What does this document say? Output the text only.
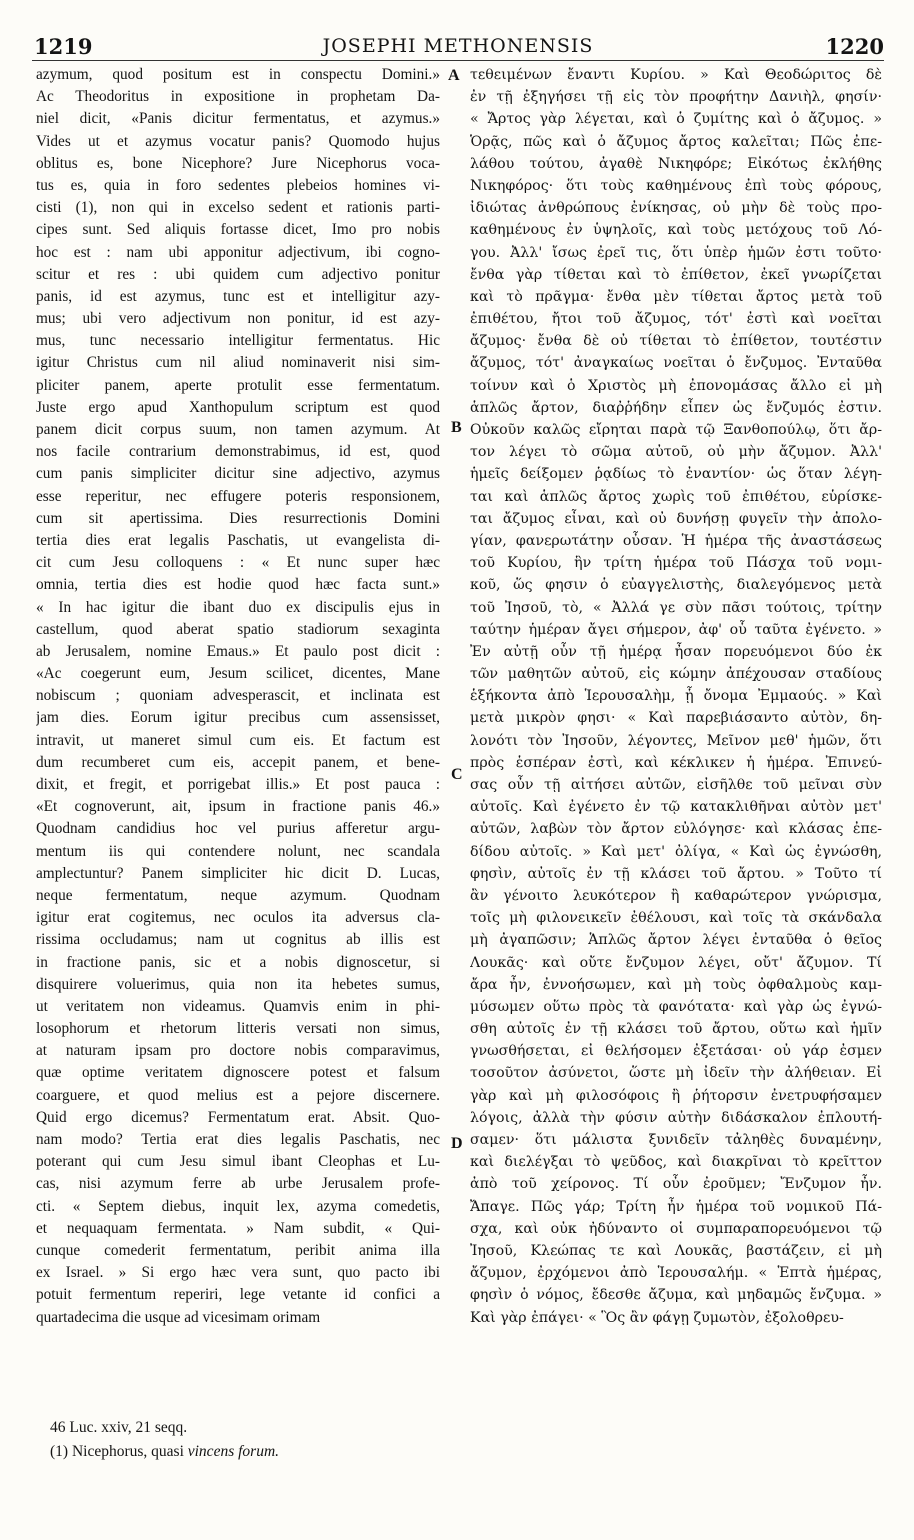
1219	JOSEPHI METHONENSIS	1220
azymum, quod positum est in conspectu Domini.»
Ac Theodoritus in expositione in prophetam Da-
niel dicit, «Panis dicitur fermentatus, et azymus.»
Vides ut et azymus vocatur panis? Quomodo hujus
oblitus es, bone Nicephore? Jure Nicephorus voca-
tus es, quia in foro sedentes plebeios homines vi-
cisti (1), non qui in excelso sedent et rationis parti-
cipes sunt. Sed aliquis fortasse dicet, Imo pro nobis
hoc est : nam ubi apponitur adjectivum, ibi cogno-
scitur et res : ubi quidem cum adjectivo ponitur
panis, id est azymus, tunc est et intelligitur azy-
mus; ubi vero adjectivum non ponitur, id est azy-
mus, tunc necessario intelligitur fermentatus. Hic
igitur Christus cum nil aliud nominaverit nisi sim-
pliciter panem, aperte protulit esse fermentatum.
Juste ergo apud Xanthopulum scriptum est quod
panem dicit corpus suum, non tamen azymum. At
nos facile contrarium demonstrabimus, id est, quod
cum panis simpliciter dicitur sine adjectivo, azymus
esse reperitur, nec effugere poteris responsionem,
cum sit apertissima. Dies resurrectionis Domini
tertia dies erat legalis Paschatis, ut evangelista di-
cit cum Jesu colloquens : « Et nunc super hæc
omnia, tertia dies est hodie quod hæc facta sunt.»
« In hac igitur die ibant duo ex discipulis ejus in
castellum, quod aberat spatio stadiorum sexaginta
ab Jerusalem, nomine Emaus.» Et paulo post dicit :
«Ac coegerunt eum, Jesum scilicet, dicentes, Mane
nobiscum ; quoniam advesperascit, et inclinata est
jam dies. Eorum igitur precibus cum assensisset,
intravit, ut maneret simul cum eis. Et factum est
dum recumberet cum eis, accepit panem, et bene-
dixit, et fregit, et porrigebat illis.» Et post pauca :
«Et cognoverunt, ait, ipsum in fractione panis 46.»
Quodnam candidius hoc vel purius afferetur argu-
mentum iis qui contendere nolunt, nec scandala
amplectuntur? Panem simpliciter hic dicit D. Lucas,
neque fermentatum, neque azymum. Quodnam
igitur erat cogitemus, nec oculos ita adversus cla-
rissima occludamus; nam ut cognitus ab illis est
in fractione panis, sic et a nobis dignoscetur, si
disquirere voluerimus, quia non ita hebetes sumus,
ut veritatem non videamus. Quamvis enim in phi-
losophorum et rhetorum litteris versati non simus,
at naturam ipsam pro doctore nobis comparavimus,
quæ optime veritatem dignoscere potest et falsum
coarguere, et quod melius est a pejore discernere.
Quid ergo dicemus? Fermentatum erat. Absit. Quo-
nam modo? Tertia erat dies legalis Paschatis, nec
poterant qui cum Jesu simul ibant Cleophas et Lu-
cas, nisi azymum ferre ab urbe Jerusalem profe-
cti. « Septem diebus, inquit lex, azyma comedetis,
et nequaquam fermentata. » Nam subdit, « Qui-
cunque comederit fermentatum, peribit anima illa
ex Israel. » Si ergo hæc vera sunt, quo pacto ibi
potuit fermentum reperiri, lege vetante id confici a
quartadecima die usque ad vicesimam orimam
τεθειμένων ἔναντι Κυρίου. » Καὶ Θεοδώριτος δὲ
ἐν τῇ ἐξηγήσει τῇ εἰς τὸν προφήτην Δανιὴλ, φησίν·
« Ἄρτος γὰρ λέγεται, καὶ ὁ ζυμίτης καὶ ὁ ἄζυμος. »
Ὁρᾷς, πῶς καὶ ὁ ἄζυμος ἄρτος καλεῖται; Πῶς ἐπε-
λάθου τούτου, ἀγαθὲ Νικηφόρε; Εἰκότως ἐκλήθης
Νικηφόρος· ὅτι τοὺς καθημένους ἐπὶ τοὺς φόρους,
ἰδιώτας ἀνθρώπους ἐνίκησας, οὐ μὴν δὲ τοὺς προ-
καθημένους ἐν ὑψηλοῖς, καὶ τοὺς μετόχους τοῦ Λό-
γου. Ἀλλ' ἴσως ἐρεῖ τις, ὅτι ὑπὲρ ἡμῶν ἐστι τοῦτο·
ἔνθα γὰρ τίθεται καὶ τὸ ἐπίθετον, ἐκεῖ γνωρίζεται
καὶ τὸ πρᾶγμα· ἔνθα μὲν τίθεται ἄρτος μετὰ τοῦ
ἐπιθέτου, ἤτοι τοῦ ἄζυμος, τότ' ἐστὶ καὶ νοεῖται
ἄζυμος· ἔνθα δὲ οὐ τίθεται τὸ ἐπίθετον, τουτέστιν
ἄζυμος, τότ' ἀναγκαίως νοεῖται ὁ ἔνζυμος. Ἐνταῦθα
τοίνυν καὶ ὁ Χριστὸς μὴ ἐπονομάσας ἄλλο εἰ μὴ
ἁπλῶς ἄρτον, διαῤῥήδην εἶπεν ὡς ἔνζυμός ἐστιν.
Οὐκοῦν καλῶς εἴρηται παρὰ τῷ Ξανθοπούλῳ, ὅτι ἄρ-
τον λέγει τὸ σῶμα αὐτοῦ, οὐ μὴν ἄζυμον. Ἀλλ'
ἡμεῖς δείξομεν ῥᾳδίως τὸ ἐναντίον· ὡς ὅταν λέγη-
ται καὶ ἁπλῶς ἄρτος χωρὶς τοῦ ἐπιθέτου, εὑρίσκε-
ται ἄζυμος εἶναι, καὶ οὐ δυνήσῃ φυγεῖν τὴν ἀπολο-
γίαν, φανερωτάτην οὖσαν. Ἡ ἡμέρα τῆς ἀναστάσεως
τοῦ Κυρίου, ἣν τρίτη ἡμέρα τοῦ Πάσχα τοῦ νομι-
κοῦ, ὥς φησιν ὁ εὐαγγελιστὴς, διαλεγόμενος μετὰ
τοῦ Ἰησοῦ, τὸ, « Ἀλλά γε σὺν πᾶσι τούτοις, τρίτην
ταύτην ἡμέραν ἄγει σήμερον, ἀφ' οὗ ταῦτα ἐγένετο. »
Ἐν αὐτῇ οὖν τῇ ἡμέρᾳ ἦσαν πορευόμενοι δύο ἐκ
τῶν μαθητῶν αὐτοῦ, εἰς κώμην ἀπέχουσαν σταδίους
ἑξήκοντα ἀπὸ Ἱερουσαλὴμ, ᾗ ὄνομα Ἐμμαούς. » Καὶ
μετὰ μικρὸν φησι· « Καὶ παρεβιάσαντο αὐτὸν, δη-
λονότι τὸν Ἰησοῦν, λέγοντες, Μεῖνον μεθ' ἡμῶν, ὅτι
πρὸς ἑσπέραν ἐστὶ, καὶ κέκλικεν ἡ ἡμέρα. Ἐπινεύ-
σας οὖν τῇ αἰτήσει αὐτῶν, εἰσῆλθε τοῦ μεῖναι σὺν
αὐτοῖς. Καὶ ἐγένετο ἐν τῷ κατακλιθῆναι αὐτὸν μετ'
αὐτῶν, λαβὼν τὸν ἄρτον εὐλόγησε· καὶ κλάσας ἐπε-
δίδου αὐτοῖς. » Καὶ μετ' ὀλίγα, « Καὶ ὡς ἐγνώσθη,
φησὶν, αὐτοῖς ἐν τῇ κλάσει τοῦ ἄρτου. » Τοῦτο τί
ἂν γένοιτο λευκότερον ἢ καθαρώτερον γνώρισμα,
τοῖς μὴ φιλονεικεῖν ἐθέλουσι, καὶ τοῖς τὰ σκάνδαλα
μὴ ἀγαπῶσιν; Ἁπλῶς ἄρτον λέγει ἐνταῦθα ὁ θεῖος
Λουκᾶς· καὶ οὔτε ἔνζυμον λέγει, οὔτ' ἄζυμον. Τί
ἄρα ἦν, ἐννοήσωμεν, καὶ μὴ τοὺς ὀφθαλμοὺς καμ-
μύσωμεν οὕτω πρὸς τὰ φανότατα· καὶ γὰρ ὡς ἐγνώ-
σθη αὐτοῖς ἐν τῇ κλάσει τοῦ ἄρτου, οὕτω καὶ ἡμῖν
γνωσθήσεται, εἰ θελήσομεν ἐξετάσαι· οὐ γάρ ἐσμεν
τοσοῦτον ἀσύνετοι, ὥστε μὴ ἰδεῖν τὴν ἀλήθειαν. Εἰ
γὰρ καὶ μὴ φιλοσόφοις ἢ ῥήτορσιν ἐνετρυφήσαμεν
λόγοις, ἀλλὰ τὴν φύσιν αὐτὴν διδάσκαλον ἐπλουτή-
σαμεν· ὅτι μάλιστα ξυνιδεῖν τἀληθὲς δυναμένην,
καὶ διελέγξαι τὸ ψεῦδος, καὶ διακρῖναι τὸ κρεῖττον
ἀπὸ τοῦ χείρονος. Τί οὖν ἐροῦμεν; Ἔνζυμον ἦν.
Ἄπαγε. Πῶς γάρ; Τρίτη ἦν ἡμέρα τοῦ νομικοῦ Πά-
σχα, καὶ οὐκ ἠδύναντο οἱ συμπαραπορευόμενοι τῷ
Ἰησοῦ, Κλεώπας τε καὶ Λουκᾶς, βαστάζειν, εἰ μὴ
ἄζυμον, ἐρχόμενοι ἀπὸ Ἱερουσαλήμ. « Ἑπτὰ ἡμέρας,
φησὶν ὁ νόμος, ἔδεσθε ἄζυμα, καὶ μηδαμῶς ἔνζυμα. »
Καὶ γὰρ ἐπάγει· « Ὃς ἂν φάγῃ ζυμωτὸν, ἐξολοθρευ-
A
B
C
D
46 Luc. xxiv, 21 seqq.
(1) Nicephorus, quasi vincens forum.
